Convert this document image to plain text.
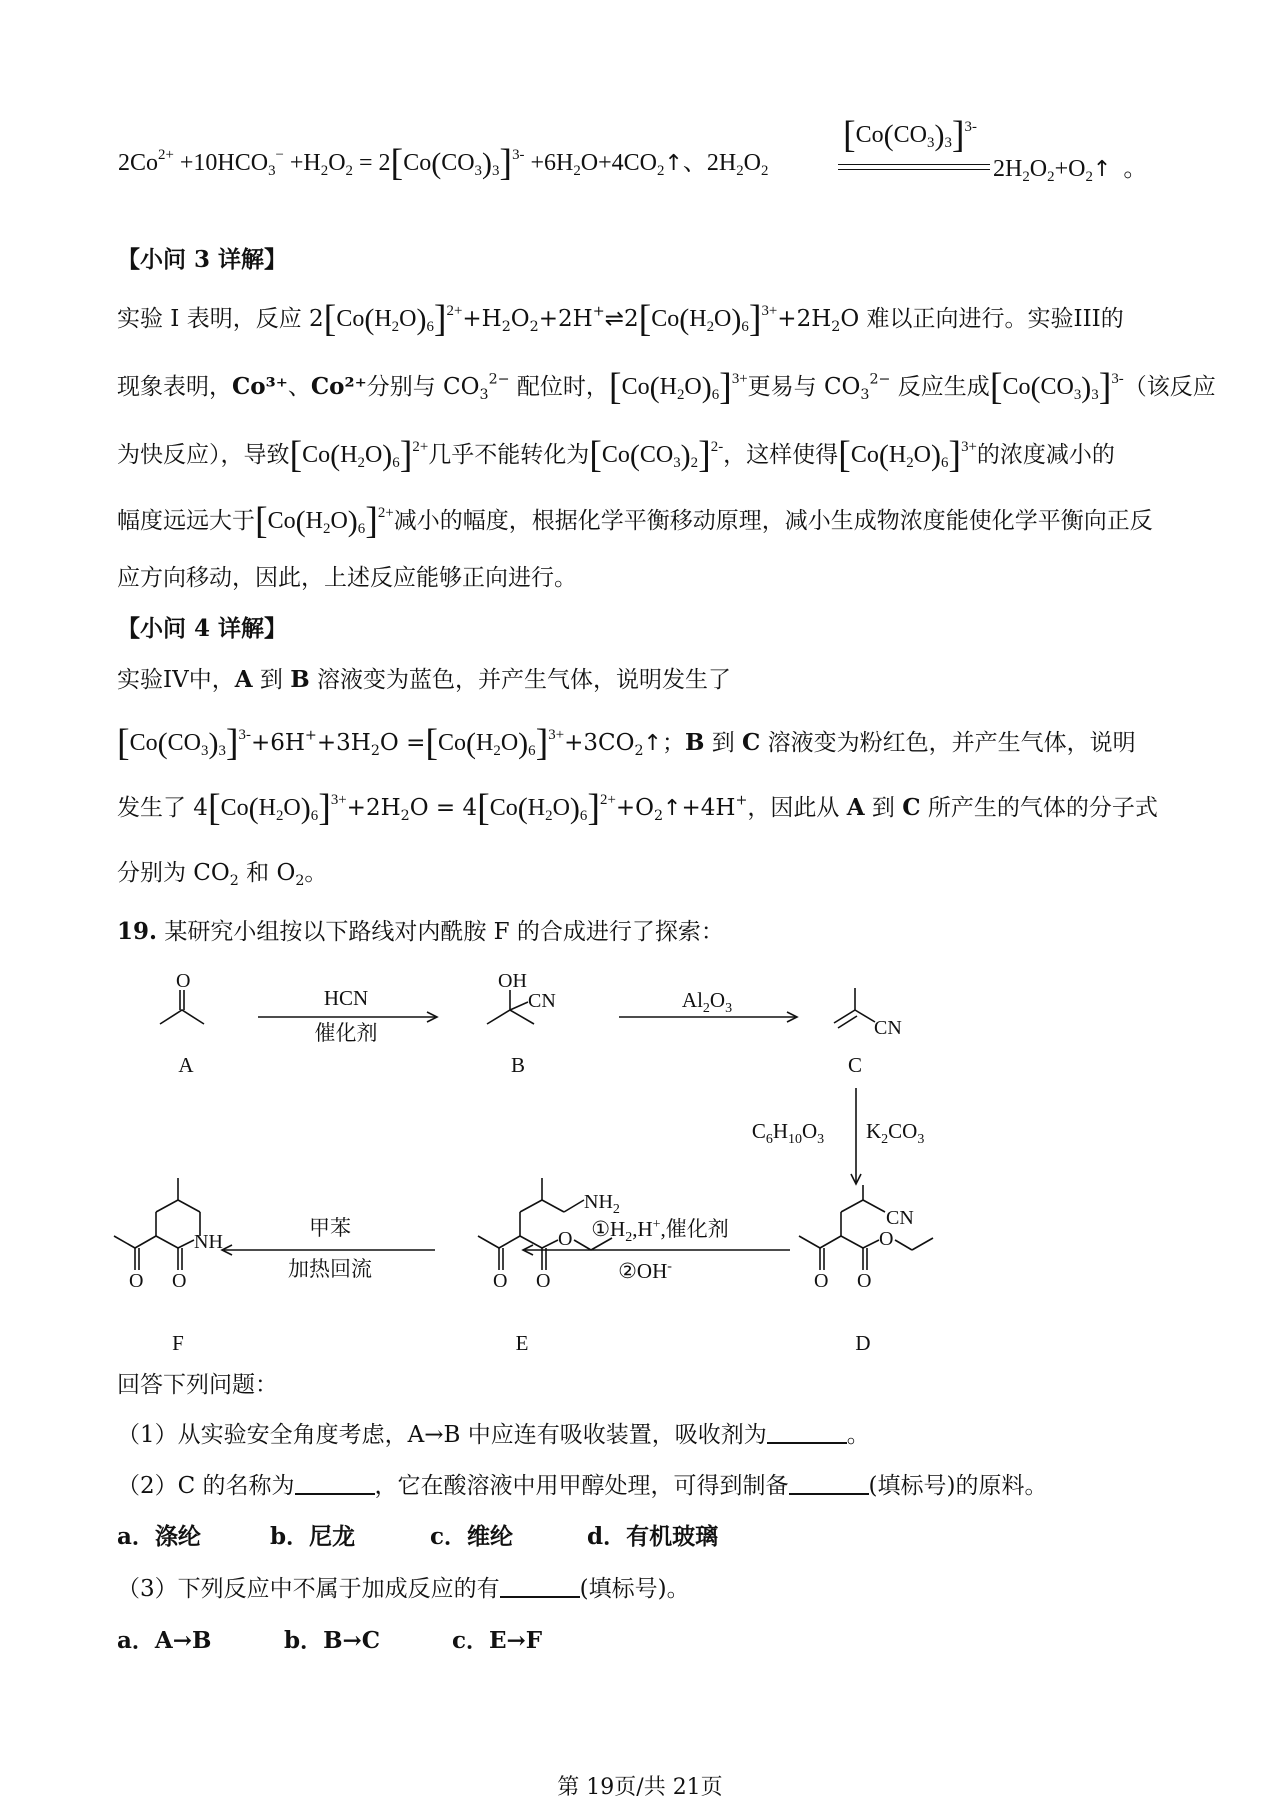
$2Co^{2+} +10HCO_3^- +H_2O_2 = 2[Co(CO_3)_3]^{3-}$ $+6H_2O+4CO_2↑$、$2H_2O_2$
$[Co(CO_3)_3]^{3-}$
$2H_2O_2+O_2↑$ 。
【小问 3 详解】
实验 I 表明，反应 $2[Co(H_2O)_6]^{2+}+H_2O_2+2H^+\rightleftharpoons 2[Co(H_2O)_6]^{3+}+2H_2O$ 难以正向进行。实验III的
现象表明，Co³⁺、Co²⁺分别与 $CO_3^{2-}$ 配位时，$[Co(H_2O)_6]^{3+}$更易与 $CO_3^{2-}$ 反应生成$[Co(CO_3)_3]^{3-}$（该反应
为快反应），导致$[Co(H_2O)_6]^{2+}$几乎不能转化为$[Co(CO_3)_2]^{2-}$，这样使得$[Co(H_2O)_6]^{3+}$的浓度减小的
幅度远远大于$[Co(H_2O)_6]^{2+}$减小的幅度，根据化学平衡移动原理，减小生成物浓度能使化学平衡向正反
应方向移动，因此，上述反应能够正向进行。
【小问 4 详解】
实验IV中，A 到 B 溶液变为蓝色，并产生气体，说明发生了
$[Co(CO_3)_3]^{3-}+6H^++3H_2O$ $=[Co(H_2O)_6]^{3+}+3CO_2↑$；B 到 C 溶液变为粉红色，并产生气体，说明
发生了 $4[Co(H_2O)_6]^{3+}+2H_2O$ = $4[Co(H_2O)_6]^{2+}+O_2↑+4H^+$，因此从 A 到 C 所产生的气体的分子式
分别为 $CO_2$ 和 $O_2$。
19. 某研究小组按以下路线对内酰胺 F 的合成进行了探索：
HCN
催化剂
$Al_2O_3$
$C_6H_{10}O_3$ $K_2CO_3$
$①H_2,H^+$,催化剂
②OH-
甲苯
加热回流
O	OH
CN
CN
CN
O O
O
$NH_2$
O O
O
NH
O O
A	B	C
D
E
F
回答下列问题：
（1）从实验安全角度考虑，A→B 中应连有吸收装置，吸收剂为	。
（2）C 的名称为	，它在酸溶液中用甲醇处理，可得到制备	(填标号)的原料。
a．涤纶	b．尼龙	c．维纶	d．有机玻璃
（3）下列反应中不属于加成反应的有	(填标号)。
a．A→B	b．B→C	c．E→F
第 19页/共 21页
